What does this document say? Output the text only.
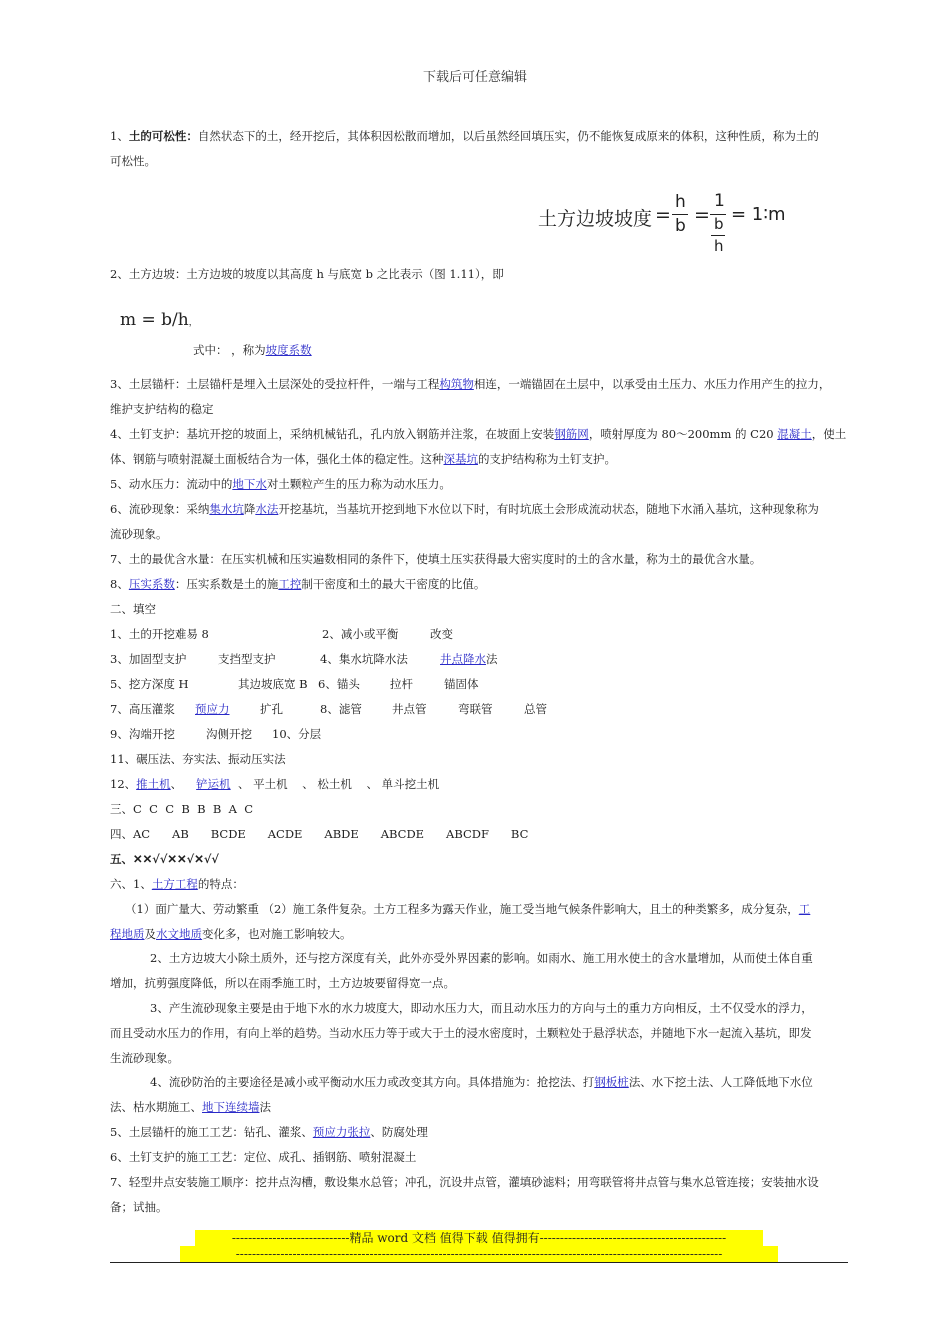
下载后可任意编辑
1、土的可松性：自然状态下的土，经开挖后，其体积因松散而增加，以后虽然经回填压实，仍不能恢复成原来的体积，这种性质，称为土的
可松性。
土方边坡坡度 =
h
b =
1
b
h
= 1∶m
2、土方边坡：土方边坡的坡度以其高度 h 与底宽 b 之比表示（图 1.11），即
m = b/h，
式中： ，称为坡度系数
3、土层锚杆：土层锚杆是埋入土层深处的受拉杆件，一端与工程构筑物相连，一端锚固在土层中，以承受由土压力、水压力作用产生的拉力，
维护支护结构的稳定
4、土钉支护：基坑开挖的坡面上，采纳机械钻孔，孔内放入钢筋并注浆，在坡面上安装钢筋网，喷射厚度为 80～200mm 的 C20 混凝土，使土
体、钢筋与喷射混凝土面板结合为一体，强化土体的稳定性。这种深基坑的支护结构称为土钉支护。
5、动水压力：流动中的地下水对土颗粒产生的压力称为动水压力。
6、流砂现象：采纳集水坑降水法开挖基坑，当基坑开挖到地下水位以下时，有时坑底土会形成流动状态，随地下水涌入基坑，这种现象称为
流砂现象。
7、土的最优含水量：在压实机械和压实遍数相同的条件下，使填土压实获得最大密实度时的土的含水量，称为土的最优含水量。
8、压实系数：压实系数是土的施工控制干密度和土的最大干密度的比值。
二、填空
1、土的开挖难易 8	2、减小或平衡	改变
3、加固型支护	支挡型支护	4、集水坑降水法	井点降水法
5、挖方深度 H	其边坡底宽 B 6、锚头	拉杆	锚固体
7、高压灌浆 预应力	扩孔	8、滤管	井点管	弯联管	总管
9、沟端开挖	沟侧开挖 10、分层
11、碾压法、夯实法、振动压实法
12、推土机、 铲运机  、 平土机    、 松土机    、 单斗挖土机
三、C  C  C  B  B  B  A  C
四、AC      AB      BCDE      ACDE      ABDE      ABCDE      ABCDF      BC
五、✕✕√√✕✕√✕√√
六、1、土方工程的特点：
（1）面广量大、劳动繁重 （2）施工条件复杂。土方工程多为露天作业，施工受当地气候条件影响大，且土的种类繁多，成分复杂，工
程地质及水文地质变化多，也对施工影响较大。
2、土方边坡大小除土质外，还与挖方深度有关，此外亦受外界因素的影响。如雨水、施工用水使土的含水量增加，从而使土体自重
增加，抗剪强度降低，所以在雨季施工时，土方边坡要留得宽一点。
3、产生流砂现象主要是由于地下水的水力坡度大，即动水压力大，而且动水压力的方向与土的重力方向相反，土不仅受水的浮力，
而且受动水压力的作用，有向上举的趋势。当动水压力等于或大于土的浸水密度时，土颗粒处于悬浮状态，并随地下水一起流入基坑，即发
生流砂现象。
4、流砂防治的主要途径是减小或平衡动水压力或改变其方向。具体措施为：抢挖法、打钢板桩法、水下挖土法、人工降低地下水位
法、枯水期施工、地下连续墙法
5、土层锚杆的施工工艺：钻孔、灌浆、预应力张拉、防腐处理
6、土钉支护的施工工艺：定位、成孔、插钢筋、喷射混凝土
7、轻型井点安装施工顺序：挖井点沟槽，敷设集水总管；冲孔，沉设井点管，灌填砂滤料；用弯联管将井点管与集水总管连接；安装抽水设
备；试抽。
-----------------------------精品 word 文档 值得下载 值得拥有----------------------------------------------
------------------------------------------------------------------------------------------------------------------------
